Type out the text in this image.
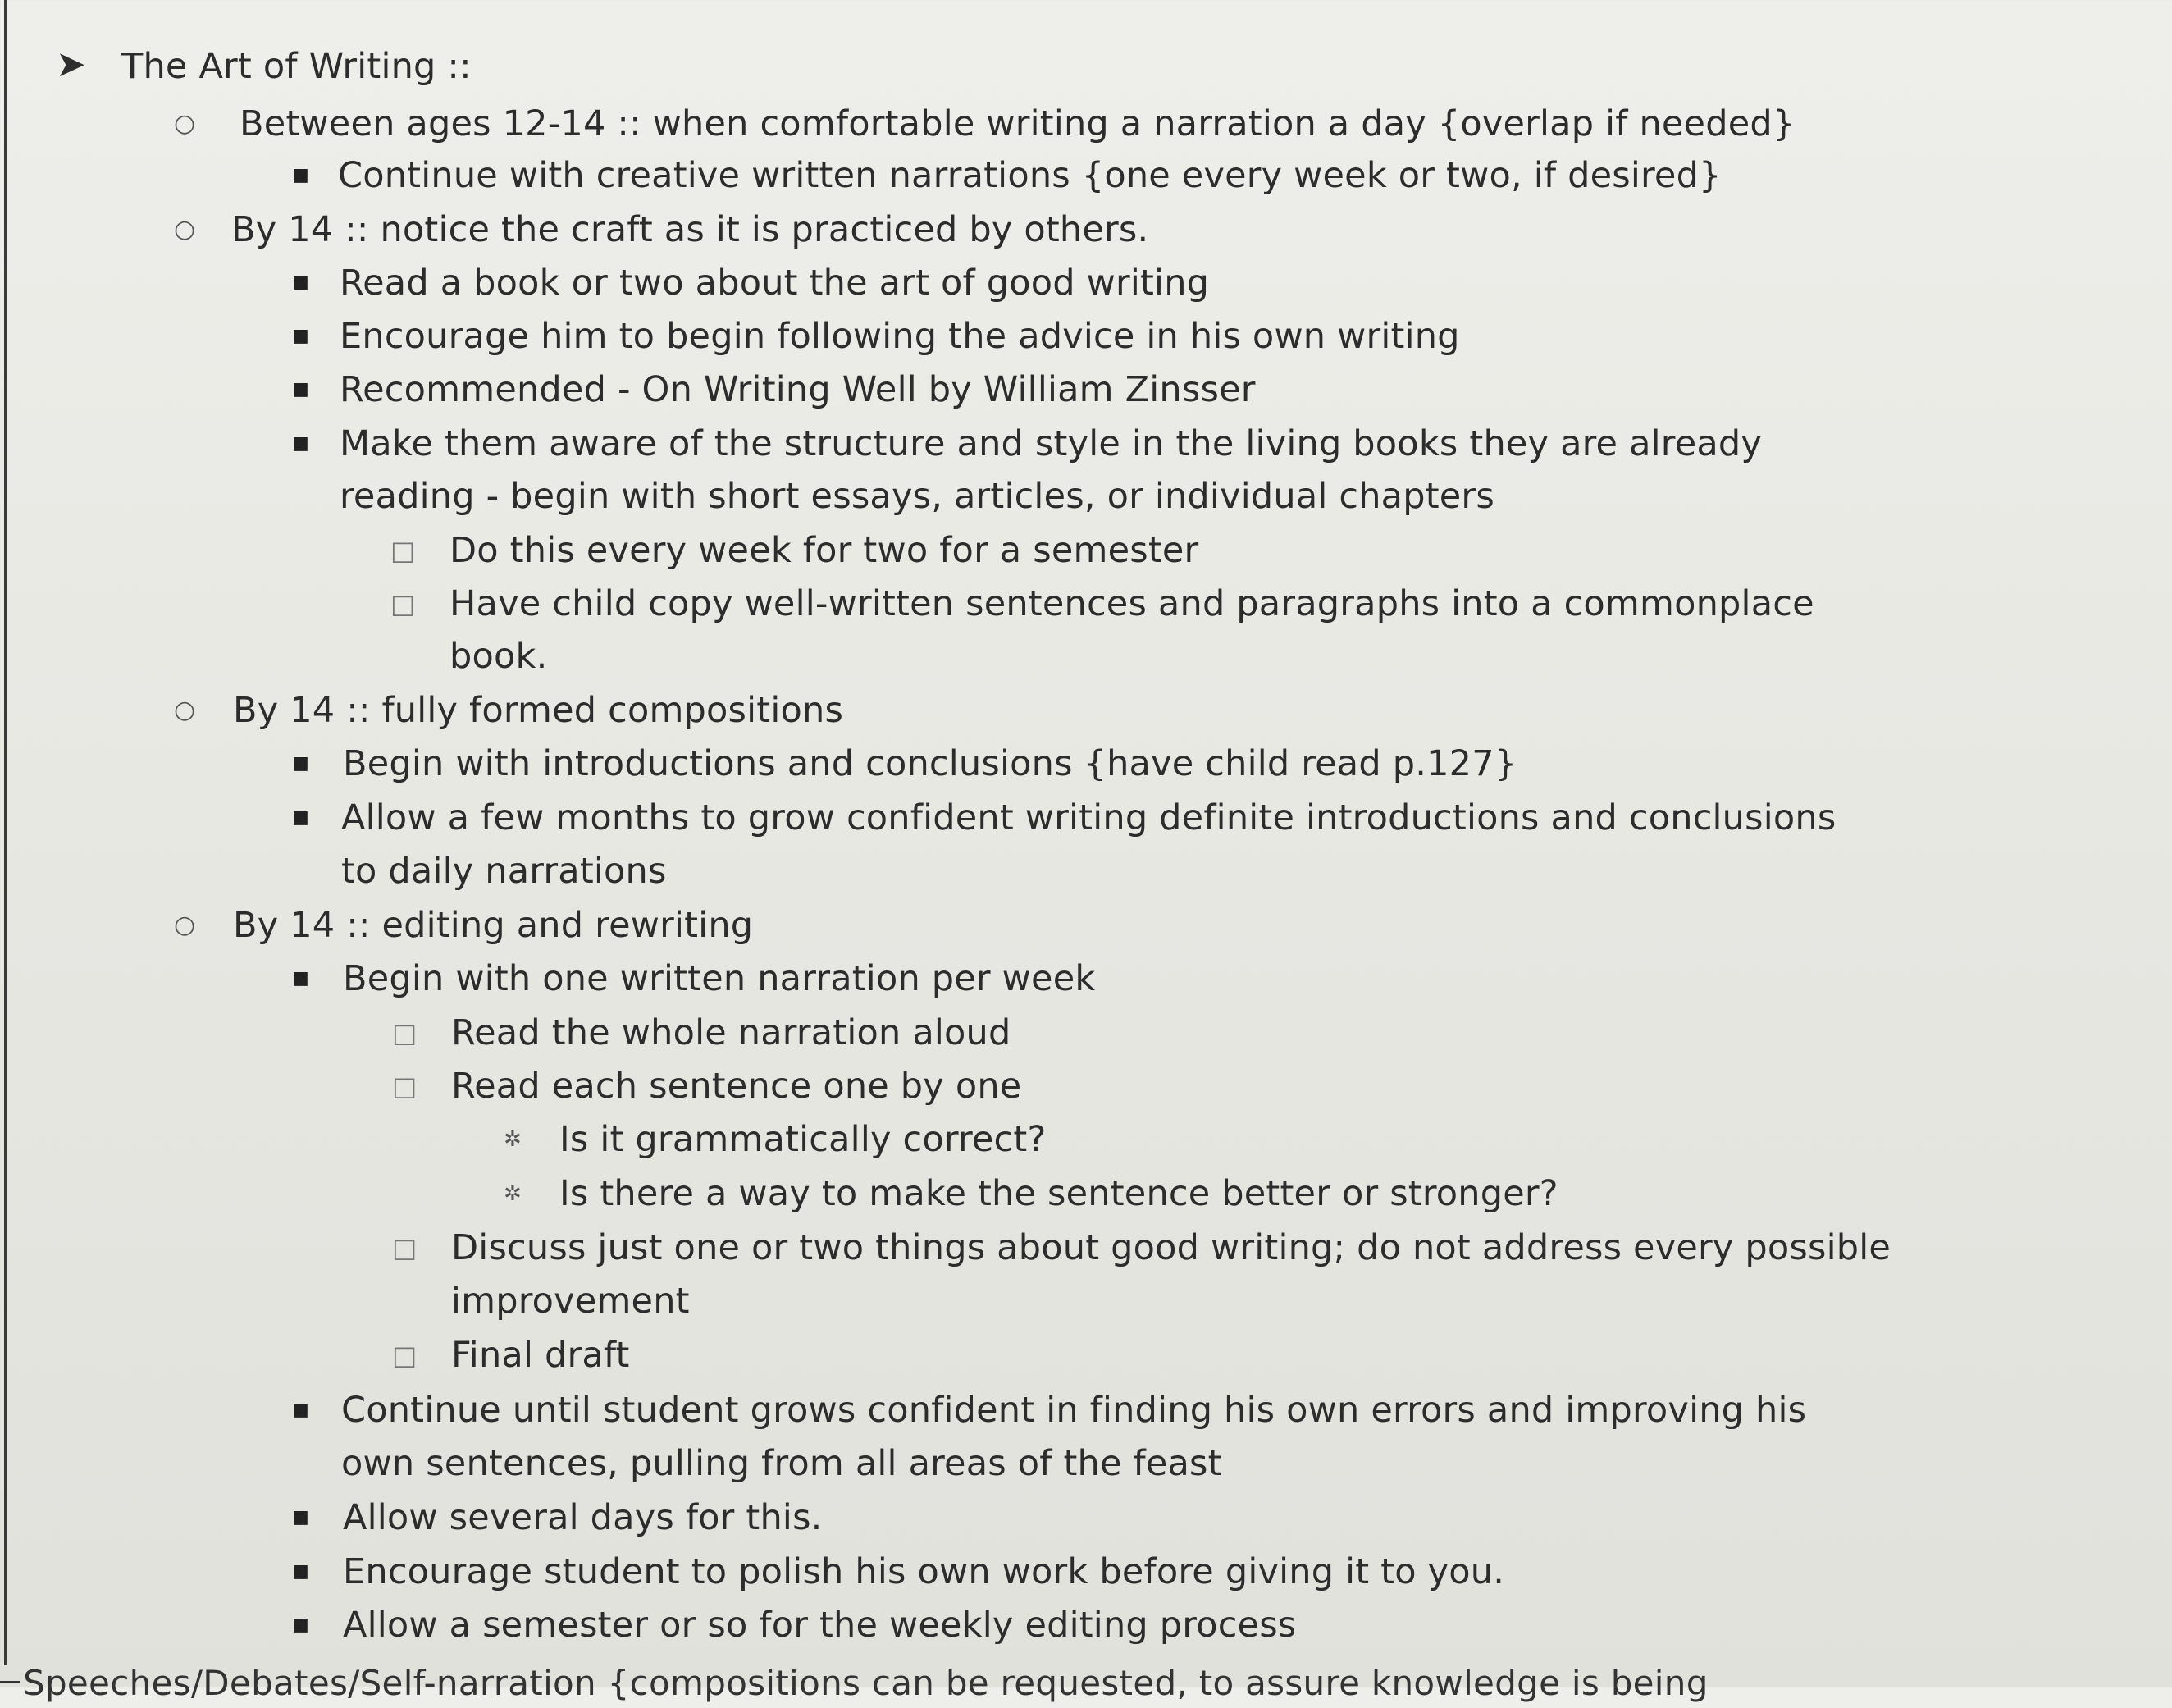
➤ The Art of Writing ::
○ Between ages 12-14 :: when comfortable writing a narration a day {overlap if needed}
■ Continue with creative written narrations {one every week or two, if desired}
○ By 14 :: notice the craft as it is practiced by others.
■ Read a book or two about the art of good writing
■ Encourage him to begin following the advice in his own writing
■ Recommended - On Writing Well by William Zinsser
■ Make them aware of the structure and style in the living books they are already
reading - begin with short essays, articles, or individual chapters
□ Do this every week for two for a semester
□ Have child copy well-written sentences and paragraphs into a commonplace
book.
○ By 14 :: fully formed compositions
■ Begin with introductions and conclusions {have child read p.127}
■ Allow a few months to grow confident writing definite introductions and conclusions
to daily narrations
○ By 14 :: editing and rewriting
■ Begin with one written narration per week
□ Read the whole narration aloud
□ Read each sentence one by one
✲ Is it grammatically correct?
✲ Is there a way to make the sentence better or stronger?
□ Discuss just one or two things about good writing; do not address every possible
improvement
□ Final draft
■ Continue until student grows confident in finding his own errors and improving his
own sentences, pulling from all areas of the feast
■ Allow several days for this.
■ Encourage student to polish his own work before giving it to you.
■ Allow a semester or so for the weekly editing process
Speeches/Debates/Self-narration {compositions can be requested, to assure knowledge is being
